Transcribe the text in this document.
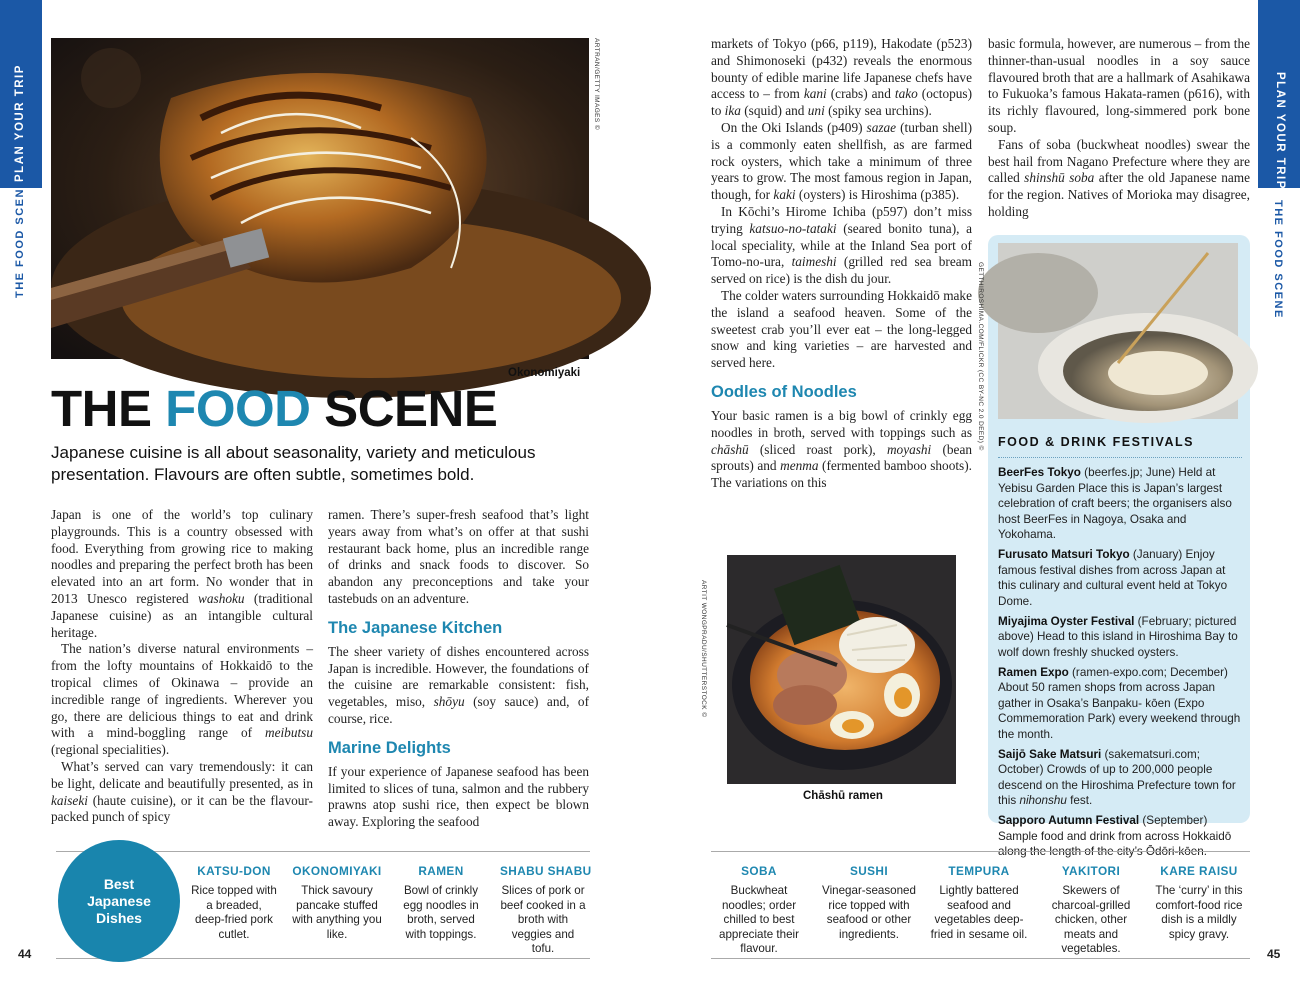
PLAN YOUR TRIP
THE FOOD SCENE
ARTRAN/GETTY IMAGES ©
Okonomiyaki
THE FOOD SCENE
Japanese cuisine is all about seasonality, variety and meticulous presentation. Flavours are often subtle, sometimes bold.

Japan is one of the world’s top culinary playgrounds. This is a country obsessed with food. Everything from growing rice to making noodles and preparing the perfect broth has been elevated into an art form. No wonder that in 2013 Unesco registered washoku (traditional Japanese cuisine) as an intangible cultural heritage.

The nation’s diverse natural environments – from the lofty mountains of Hokkaidō to the tropical climes of Okinawa – provide an incredible range of ingredients. Wherever you go, there are delicious things to eat and drink with a mind-boggling range of meibutsu (regional specialities).

What’s served can vary tremendously: it can be light, delicate and beautifully presented, as in kaiseki (haute cuisine), or it can be the flavour-packed punch of spicy

ramen. There’s super-fresh seafood that’s light years away from what’s on offer at that sushi restaurant back home, plus an incredible range of drinks and snack foods to discover. So abandon any preconceptions and take your tastebuds on an adventure.

The Japanese Kitchen

The sheer variety of dishes encountered across Japan is incredible. However, the foundations of the cuisine are remarkable consistent: fish, vegetables, miso, shōyu (soy sauce) and, of course, rice.

Marine Delights

If your experience of Japanese seafood has been limited to slices of tuna, salmon and the rubbery prawns atop sushi rice, then expect be blown away. Exploring the seafood

KATSU-DON
Rice topped with a breaded, deep-fried pork cutlet.
OKONOMIYAKI
Thick savoury pancake stuffed with anything you like.
RAMEN
Bowl of crinkly egg noodles in broth, served with toppings.
SHABU SHABU
Slices of pork or beef cooked in a broth with veggies and tofu.
Best Japanese Dishes
44
PLAN YOUR TRIP
THE FOOD SCENE

markets of Tokyo (p66, p119), Hakodate (p523) and Shimonoseki (p432) reveals the enormous bounty of edible marine life Japanese chefs have access to – from kani (crabs) and tako (octopus) to ika (squid) and uni (spiky sea urchins).

On the Oki Islands (p409) sazae (turban shell) is a commonly eaten shellfish, as are farmed rock oysters, which take a minimum of three years to grow. The most famous region in Japan, though, for kaki (oysters) is Hiroshima (p385).

In Kōchi’s Hirome Ichiba (p597) don’t miss trying katsuo-no-tataki (seared bonito tuna), a local speciality, while at the Inland Sea port of Tomo-no-ura, taimeshi (grilled red sea bream served on rice) is the dish du jour.

The colder waters surrounding Hokkaidō make the island a seafood heaven. Some of the sweetest crab you’ll ever eat – the long-legged snow and king varieties – are harvested and served here.

Oodles of Noodles

Your basic ramen is a big bowl of crinkly egg noodles in broth, served with toppings such as chāshū (sliced roast pork), moyashi (bean sprouts) and menma (fermented bamboo shoots). The variations on this

basic formula, however, are numerous – from the thinner-than-usual noodles in a soy sauce flavoured broth that are a hallmark of Asahikawa to Fukuoka’s famous Hakata-ramen (p616), with its richly flavoured, long-simmered pork bone soup.

Fans of soba (buckwheat noodles) swear the best hail from Nagano Prefecture where they are called shinshū soba after the old Japanese name for the region. Natives of Morioka may disagree, holding

ARTIT WONGPRADU/SHUTTERSTOCK ©
Chāshū ramen
FOOD & DRINK FESTIVALS
BeerFes Tokyo (beerfes.jp; June) Held at Yebisu Garden Place this is Japan’s largest celebration of craft beers; the organisers also host BeerFes in Nagoya, Osaka and Yokohama.
Furusato Matsuri Tokyo (January) Enjoy famous festival dishes from across Japan at this culinary and cultural event held at Tokyo Dome.
Miyajima Oyster Festival (February; pictured above) Head to this island in Hiroshima Bay to wolf down freshly shucked oysters.
Ramen Expo (ramen-expo.com; December) About 50 ramen shops from across Japan gather in Osaka’s Banpaku- kōen (Expo Commemoration Park) every weekend through the month.
Saijō Sake Matsuri (sakematsuri.com; October) Crowds of up to 200,000 people descend on the Hiroshima Prefecture town for this nihonshu fest.
Sapporo Autumn Festival (September) Sample food and drink from across Hokkaidō along the length of the city’s Ōdōri-kōen.
GETTHIROSHIMA.COM/FLICKR (CC BY-NC 2.0 DEED) ©
SOBA
Buckwheat noodles; order chilled to best appreciate their flavour.
SUSHI
Vinegar-seasoned rice topped with seafood or other ingredients.
TEMPURA
Lightly battered seafood and vegetables deep-fried in sesame oil.
YAKITORI
Skewers of charcoal-grilled chicken, other meats and vegetables.
KARE RAISU
The ‘curry’ in this comfort-food rice dish is a mildly spicy gravy.
45
